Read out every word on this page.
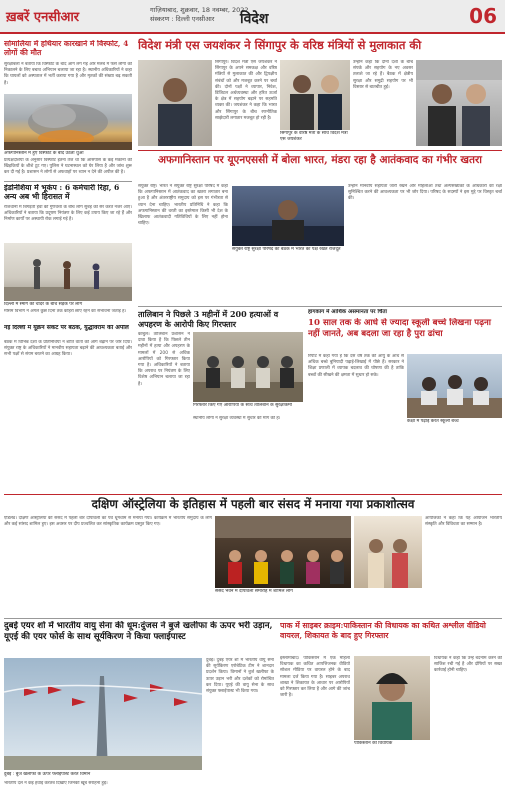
ख़बरें एनसीआर	गाज़ियाबाद, शुक्रवार, 18 नवम्बर, 2022
संस्करण : दिल्ली एनसीआर	विदेश	06
सोमालिया में हथियार कारखाने में विस्फोट, 4 लोगों की मौत
सुरक्षाबलों ने बताया कि विस्फोट के बाद आग लग गई और मलबे में फंसे लोगों को निकालने के लिए बचाव अभियान चलाया जा रहा है। स्थानीय अधिकारियों ने कहा कि घायलों को अस्पताल में भर्ती कराया गया है और मृतकों की संख्या बढ़ सकती है।
अफगानिस्तान में हुए विस्फोट के बाद उठता धुआं
प्रत्यक्षदर्शियों के अनुसार विस्फोट इतना तेज था कि आसपास के कई मकानों की खिड़कियों के शीशे टूट गए। पुलिस ने घटनास्थल को घेर लिया है और जांच शुरू कर दी गई है। प्रशासन ने लोगों से अफवाहों पर ध्यान न देने की अपील की है।
इंडोनेशिया में भूकंप : 6 कर्मचारी रिहा, 6 अन्य अब भी हिरासत में
राजधानी में बिगड़ती हवा की गुणवत्ता के बीच लोग सुबह की सैर करते नजर आए। अधिकारियों ने बताया कि प्रदूषण नियंत्रण के लिए कई उपाय किए जा रहे हैं और निर्माण कार्यों पर अस्थायी रोक लगाई गई है।
दिल्ली में स्मॉग की चादर के बीच सड़क पर लोग
मौसम विभाग ने अगले कुछ दिनों तक कोहरा छाए रहने की संभावना जताई है।
नई दिल्ली में यूक्रेन संकट पर बैठक, युद्धविराम की अपील
बैठक में विभिन्न देशों के प्रतिनिधियों ने शांति वार्ता को आगे बढ़ाने पर जोर दिया। संयुक्त राष्ट्र के अधिकारियों ने मानवीय सहायता बढ़ाने की आवश्यकता बताई और सभी पक्षों से संयम बरतने का आग्रह किया।
विदेश मंत्री एस जयशंकर ने सिंगापुर के वरिष्ठ मंत्रियों से मुलाकात की
सिंगापुर। विदेश मंत्री एस जयशंकर ने सिंगापुर के अपने समकक्ष और वरिष्ठ मंत्रियों से मुलाकात की और द्विपक्षीय संबंधों को और मजबूत करने पर चर्चा की। दोनों पक्षों ने व्यापार, निवेश, डिजिटल अर्थव्यवस्था और हरित ऊर्जा के क्षेत्र में सहयोग बढ़ाने पर सहमति व्यक्त की। जयशंकर ने कहा कि भारत और सिंगापुर के बीच रणनीतिक साझेदारी लगातार मजबूत हो रही है।
सिंगापुर के वरिष्ठ मंत्री के साथ विदेश मंत्री एस जयशंकर
उन्होंने कहा कि दोनों देशों के बीच संपर्क और सहयोग के नए अवसर तलाशे जा रहे हैं। बैठक में क्षेत्रीय सुरक्षा और समुद्री सहयोग पर भी विस्तार से बातचीत हुई।
अफगानिस्तान पर यूएनएससी में बोला भारत, मंडरा रहा है आतंकवाद का गंभीर खतरा
संयुक्त राष्ट्र। भारत ने संयुक्त राष्ट्र सुरक्षा परिषद में कहा कि अफगानिस्तान में आतंकवाद का खतरा लगातार बना हुआ है और अंतरराष्ट्रीय समुदाय को इस पर गंभीरता से ध्यान देना चाहिए। भारतीय प्रतिनिधि ने कहा कि अफगानिस्तान की धरती का इस्तेमाल किसी भी देश के खिलाफ आतंकवादी गतिविधियों के लिए नहीं होना चाहिए।
संयुक्त राष्ट्र सुरक्षा परिषद की बैठक में भारत का पक्ष रखते राजदूत
उन्होंने मानवीय सहायता जारी रखने और महिलाओं तथा अल्पसंख्यकों के अधिकारों की रक्षा सुनिश्चित करने की आवश्यकता पर भी जोर दिया। परिषद के सदस्यों ने इस मुद्दे पर विस्तृत चर्चा की।
तालिबान ने पिछले 3 महीनों में 200 हत्याओं व अपहरण के आरोपी किए गिरफ्तार
काबुल। तालिबान प्रशासन ने दावा किया है कि पिछले तीन महीनों में हत्या और अपहरण के मामलों में 200 से अधिक आरोपियों को गिरफ्तार किया गया है। अधिकारियों ने बताया कि अपराध पर नियंत्रण के लिए विशेष अभियान चलाया जा रहा है।
गिरफ्तार किए गए आरोपियों के साथ तालिबान के सुरक्षाकर्मी
स्थानीय लोगों ने सुरक्षा व्यवस्था में सुधार की मांग की है।
हांगकांग में आर्थिक असमानता पर चिंता
10 साल तक के आधे से ज्यादा स्कूली बच्चे लिखना पढ़ना नहीं जानते, अब बदला जा रहा है पुरा ढांचा
रिपोर्ट में कहा गया है कि दस वर्ष तक की आयु के आधे से अधिक बच्चे बुनियादी पढ़ाई-लिखाई में पीछे हैं। सरकार ने शिक्षा प्रणाली में व्यापक बदलाव की घोषणा की है ताकि बच्चों की सीखने की क्षमता में सुधार हो सके।
कक्षा में पढ़ाई करते स्कूली बच्चे
दक्षिण ऑस्ट्रेलिया के इतिहास में पहली बार संसद में मनाया गया प्रकाशोत्सव
एडिलेड। दक्षिण ऑस्ट्रेलिया की संसद में पहली बार दीपावली का पर्व धूमधाम से मनाया गया। कार्यक्रम में भारतीय समुदाय के लोग और कई सांसद शामिल हुए। इस अवसर पर दीप प्रज्वलित कर सांस्कृतिक कार्यक्रम प्रस्तुत किए गए।
संसद भवन में दीपावली समारोह में शामिल लोग
आयोजकों ने कहा कि यह आयोजन भारतीय संस्कृति और विविधता का सम्मान है।
दुबई एयर शो में भारतीय वायु सेना की धूम:दुंजस ने बुर्ज खलीफा के ऊपर भरी उड़ान, यूएई की एयर फोर्स के साथ सूर्यकिरण ने किया फ्लाईपास्ट
दुबई : बुर्ज खलीफा के ऊपर फ्लाईपास्ट करते विमान
दुबई। दुबई एयर शो में भारतीय वायु सेना की सूर्यकिरण एरोबेटिक टीम ने शानदार प्रदर्शन किया। विमानों ने बुर्ज खलीफा के ऊपर उड़ान भरी और दर्शकों को रोमांचित कर दिया। यूएई की वायु सेना के साथ संयुक्त फ्लाईपास्ट भी किया गया।
भारतीय दल ने कई हवाई करतब दिखाए जिनकी खूब सराहना हुई।
पाक में साइबर क्राइम:पाकिस्तान की विधायक का कथित अश्लील वीडियो वायरल, शिकायत के बाद हुए गिरफ्तार
इस्लामाबाद। पाकिस्तान में एक महिला विधायक का कथित आपत्तिजनक वीडियो सोशल मीडिया पर वायरल होने के बाद मामला दर्ज किया गया है। साइबर अपराध शाखा ने शिकायत के आधार पर आरोपियों को गिरफ्तार कर लिया है और आगे की जांच जारी है।
पाकिस्तान की विधायक
विधायक ने कहा कि उन्हें बदनाम करने की साजिश रची गई है और दोषियों पर सख्त कार्रवाई होनी चाहिए।
